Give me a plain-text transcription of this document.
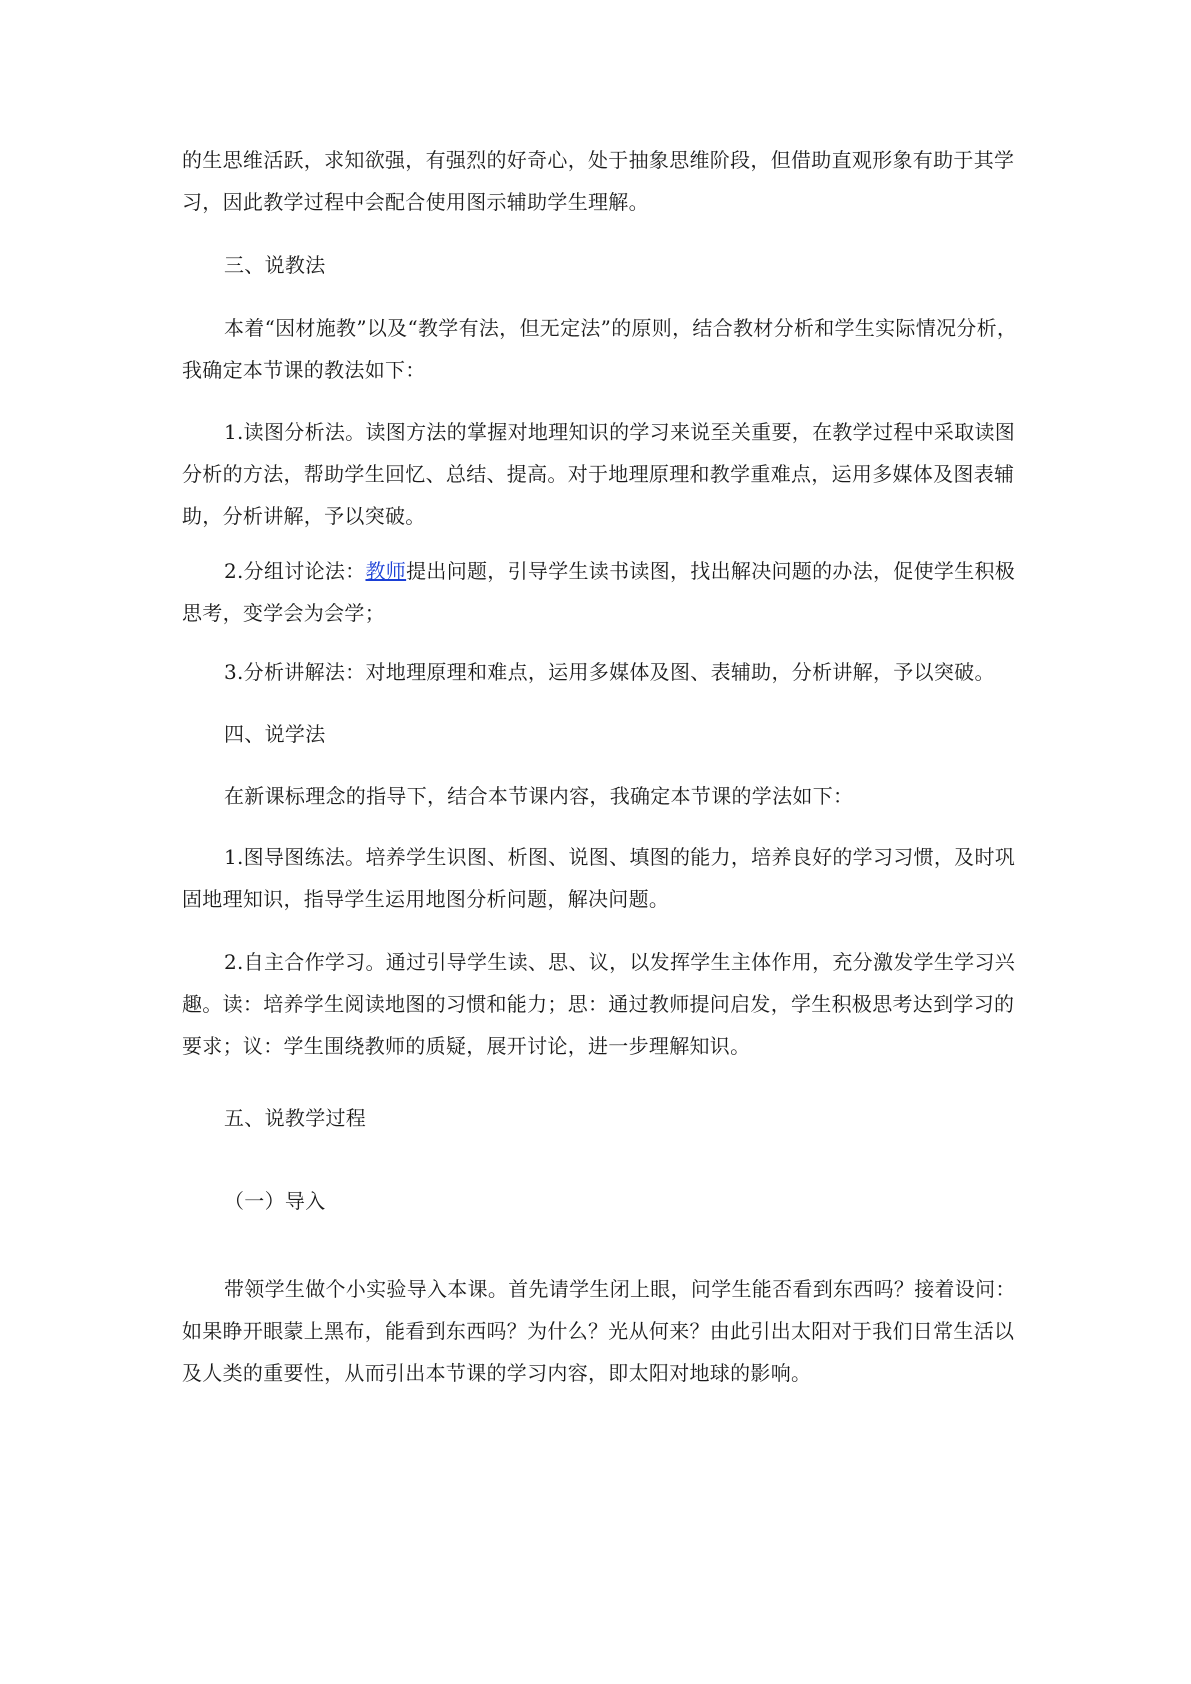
的生思维活跃，求知欲强，有强烈的好奇心，处于抽象思维阶段，但借助直观形象有助于其学习，因此教学过程中会配合使用图示辅助学生理解。

三、说教法

本着“因材施教”以及“教学有法，但无定法”的原则，结合教材分析和学生实际情况分析，我确定本节课的教法如下：

1.读图分析法。读图方法的掌握对地理知识的学习来说至关重要，在教学过程中采取读图分析的方法，帮助学生回忆、总结、提高。对于地理原理和教学重难点，运用多媒体及图表辅助，分析讲解，予以突破。

2.分组讨论法：教师提出问题，引导学生读书读图，找出解决问题的办法，促使学生积极思考，变学会为会学；

3.分析讲解法：对地理原理和难点，运用多媒体及图、表辅助，分析讲解，予以突破。

四、说学法

在新课标理念的指导下，结合本节课内容，我确定本节课的学法如下：

1.图导图练法。培养学生识图、析图、说图、填图的能力，培养良好的学习习惯，及时巩固地理知识，指导学生运用地图分析问题，解决问题。

2.自主合作学习。通过引导学生读、思、议，以发挥学生主体作用，充分激发学生学习兴趣。读：培养学生阅读地图的习惯和能力；思：通过教师提问启发，学生积极思考达到学习的要求；议：学生围绕教师的质疑，展开讨论，进一步理解知识。

五、说教学过程

（一）导入

带领学生做个小实验导入本课。首先请学生闭上眼，问学生能否看到东西吗？接着设问：如果睁开眼蒙上黑布，能看到东西吗？为什么？光从何来？由此引出太阳对于我们日常生活以及人类的重要性，从而引出本节课的学习内容，即太阳对地球的影响。
